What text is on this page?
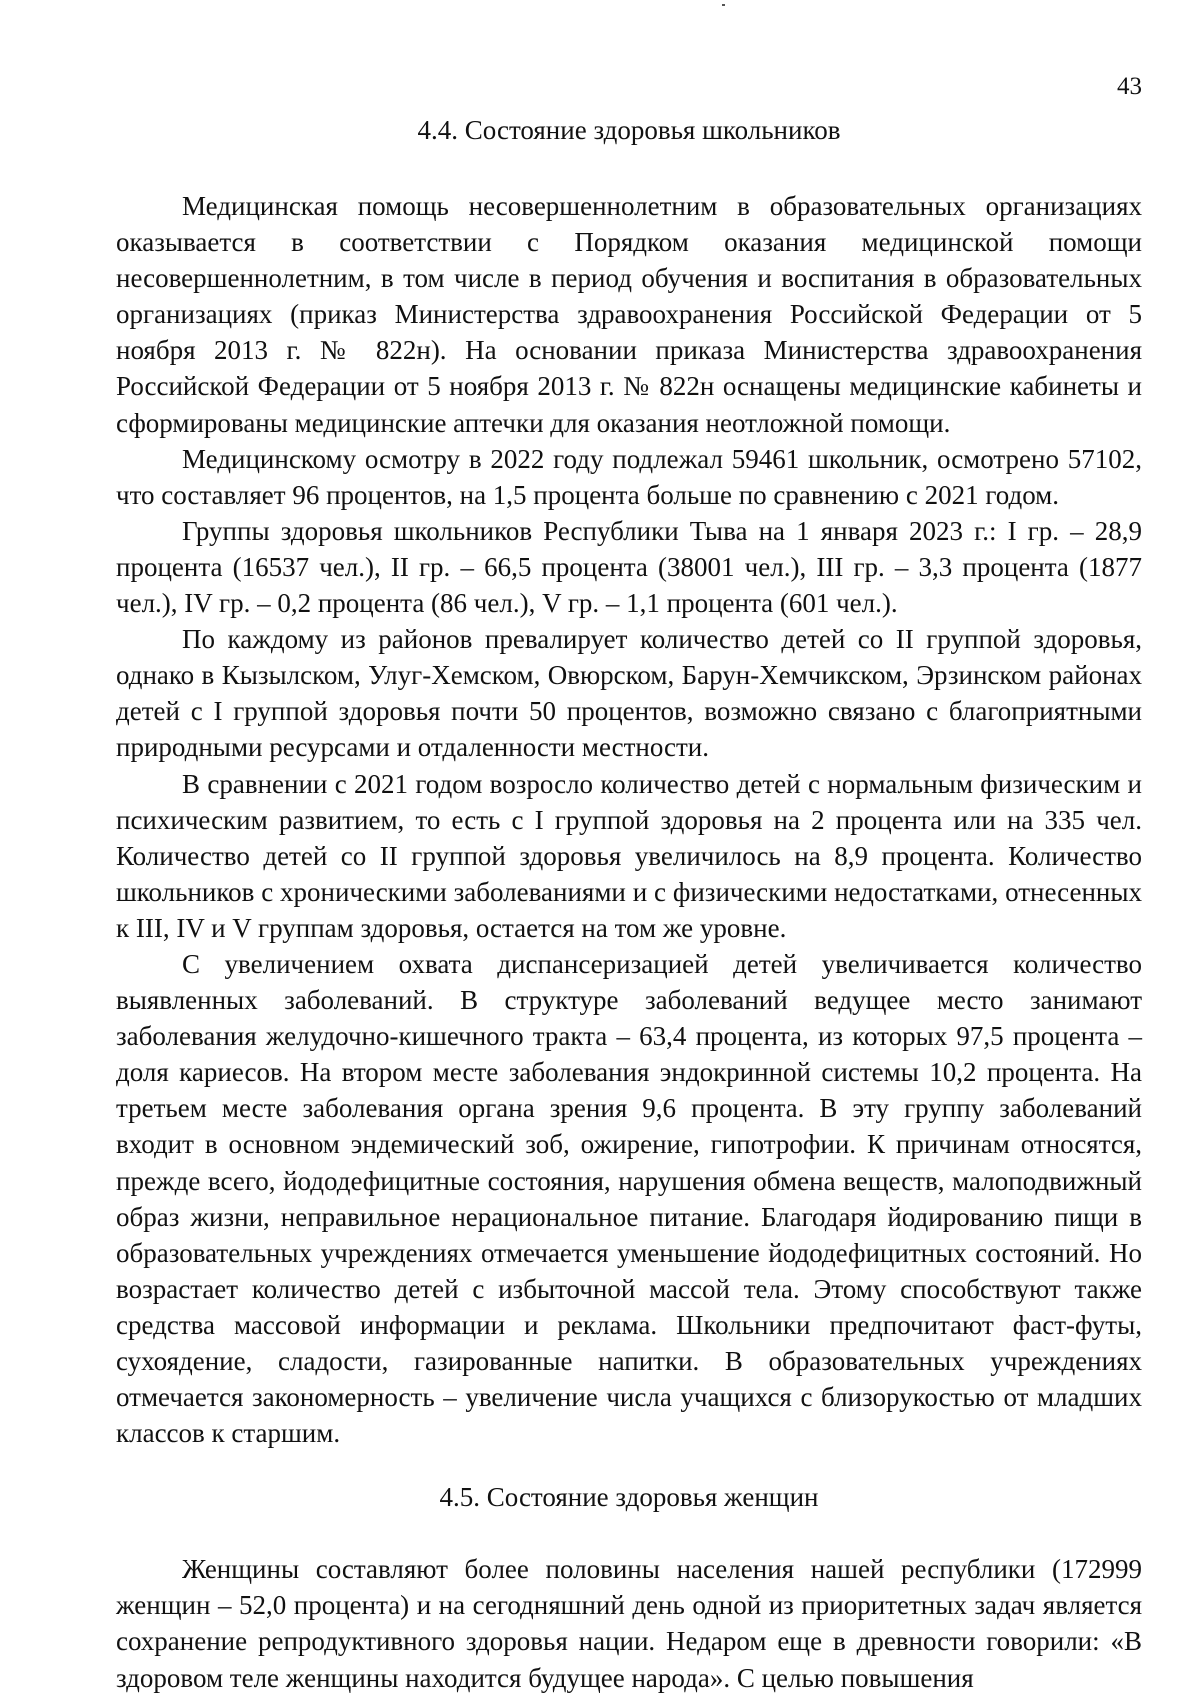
43
4.4. Состояние здоровья школьников

Медицинская помощь несовершеннолетним в образовательных организациях оказывается в соответствии с Порядком оказания медицинской помощи несовершеннолетним, в том числе в период обучения и воспитания в образовательных организациях (приказ Министерства здравоохранения Российской Федерации от 5 ноября 2013 г. № 822н). На основании приказа Министерства здравоохранения Российской Федерации от 5 ноября 2013 г. № 822н оснащены медицинские кабинеты и сформированы медицинские аптечки для оказания неотложной помощи.

Медицинскому осмотру в 2022 году подлежал 59461 школьник, осмотрено 57102, что составляет 96 процентов, на 1,5 процента больше по сравнению с 2021 годом.

Группы здоровья школьников Республики Тыва на 1 января 2023 г.: I гр. – 28,9 процента (16537 чел.), II гр. – 66,5 процента (38001 чел.), III гр. – 3,3 процента (1877 чел.), IV гр. – 0,2 процента (86 чел.), V гр. – 1,1 процента (601 чел.).

По каждому из районов превалирует количество детей со II группой здоровья, однако в Кызылском, Улуг-Хемском, Овюрском, Барун-Хемчикском, Эрзинском районах детей с I группой здоровья почти 50 процентов, возможно связано с благоприятными природными ресурсами и отдаленности местности.

В сравнении с 2021 годом возросло количество детей с нормальным физическим и психическим развитием, то есть с I группой здоровья на 2 процента или на 335 чел. Количество детей со II группой здоровья увеличилось на 8,9 процента. Количество школьников с хроническими заболеваниями и с физическими недостатками, отнесенных к III, IV и V группам здоровья, остается на том же уровне.

С увеличением охвата диспансеризацией детей увеличивается количество выявленных заболеваний. В структуре заболеваний ведущее место занимают заболевания желудочно-кишечного тракта – 63,4 процента, из которых 97,5 процента – доля кариесов. На втором месте заболевания эндокринной системы 10,2 процента. На третьем месте заболевания органа зрения 9,6 процента. В эту группу заболеваний входит в основном эндемический зоб, ожирение, гипотрофии. К причинам относятся, прежде всего, йододефицитные состояния, нарушения обмена веществ, малоподвижный образ жизни, неправильное нерациональное питание. Благодаря йодированию пищи в образовательных учреждениях отмечается уменьшение йододефицитных состояний. Но возрастает количество детей с избыточной массой тела. Этому способствуют также средства массовой информации и реклама. Школьники предпочитают фаст-футы, сухоядение, сладости, газированные напитки. В образовательных учреждениях отмечается закономерность – увеличение числа учащихся с близорукостью от младших классов к старшим.

4.5. Состояние здоровья женщин

Женщины составляют более половины населения нашей республики (172999 женщин – 52,0 процента) и на сегодняшний день одной из приоритетных задач является сохранение репродуктивного здоровья нации. Недаром еще в древности говорили: «В здоровом теле женщины находится будущее народа». С целью повышения
